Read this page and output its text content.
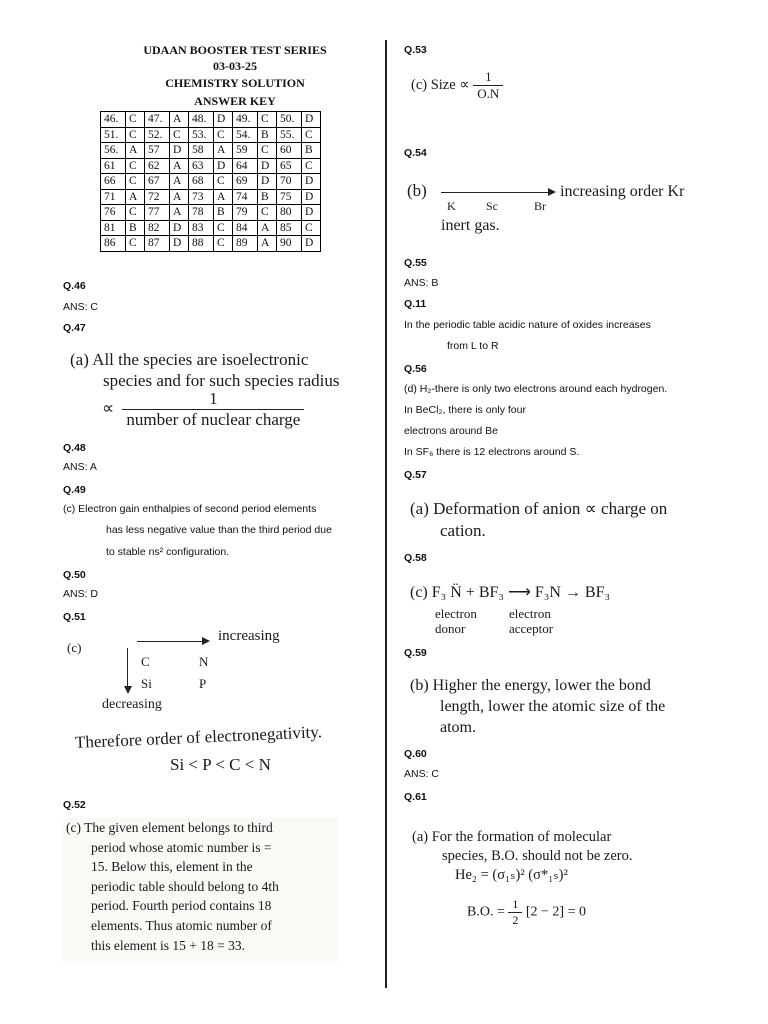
UDAAN BOOSTER TEST SERIES
03-03-25
CHEMISTRY SOLUTION
ANSWER KEY
46.	C	47.	A	48.	D	49.	C	50.	D
51.	C	52.	C	53.	C	54.	B	55.	C
56.	A	57	D	58	A	59	C	60	B
61	C	62	A	63	D	64	D	65	C
66	C	67	A	68	C	69	D	70	D
71	A	72	A	73	A	74	B	75	D
76	C	77	A	78	B	79	C	80	D
81	B	82	D	83	C	84	A	85	C
86	C	87	D	88	C	89	A	90	D
Q.46
ANS: C
Q.47
(a) All the species are isoelectronic
species and for such species radius
∝ $\frac{1}{\text{number of nuclear charge}}$
Q.48
ANS: A
Q.49
(c) Electron gain enthalpies of second period elements
has less negative value than the third period due
to stable ns² configuration.
Q.50
ANS: D
Q.51
(c)
increasing
C	N
Si	P
decreasing
Therefore order of electronegativity.
Si < P < C < N
Q.52
(c) The given element belongs to third
period whose atomic number is =
15. Below this, element in the
periodic table should belong to 4th
period. Fourth period contains 18
elements. Thus atomic number of
this element is 15 + 18 = 33.
Q.53
(c) Size ∝ $\frac{1}{O.N}$
Q.54
(b)	increasing order Kr
K	Sc	Br
inert gas.
Q.55
ANS: B
Q.11
In the periodic table acidic nature of oxides increases
from L to R
Q.56
(d) H₂-there is only two electrons around each hydrogen.
In BeCl₂, there is only four
electrons around Be
In SF₆ there is 12 electrons around S.
Q.57
(a) Deformation of anion ∝ charge on
cation.
Q.58
(c) F₃ N̈ + BF₃ ⟶ F₃N → BF₃
electron
donor
electron
acceptor
Q.59
(b) Higher the energy, lower the bond
length, lower the atomic size of the
atom.
Q.60
ANS: C
Q.61
(a) For the formation of molecular
species, B.O. should not be zero.
He₂ = (σ₁ₛ)² (σ*₁ₛ)²
B.O. = $\frac{1}{2} [2 - 2] = 0$
